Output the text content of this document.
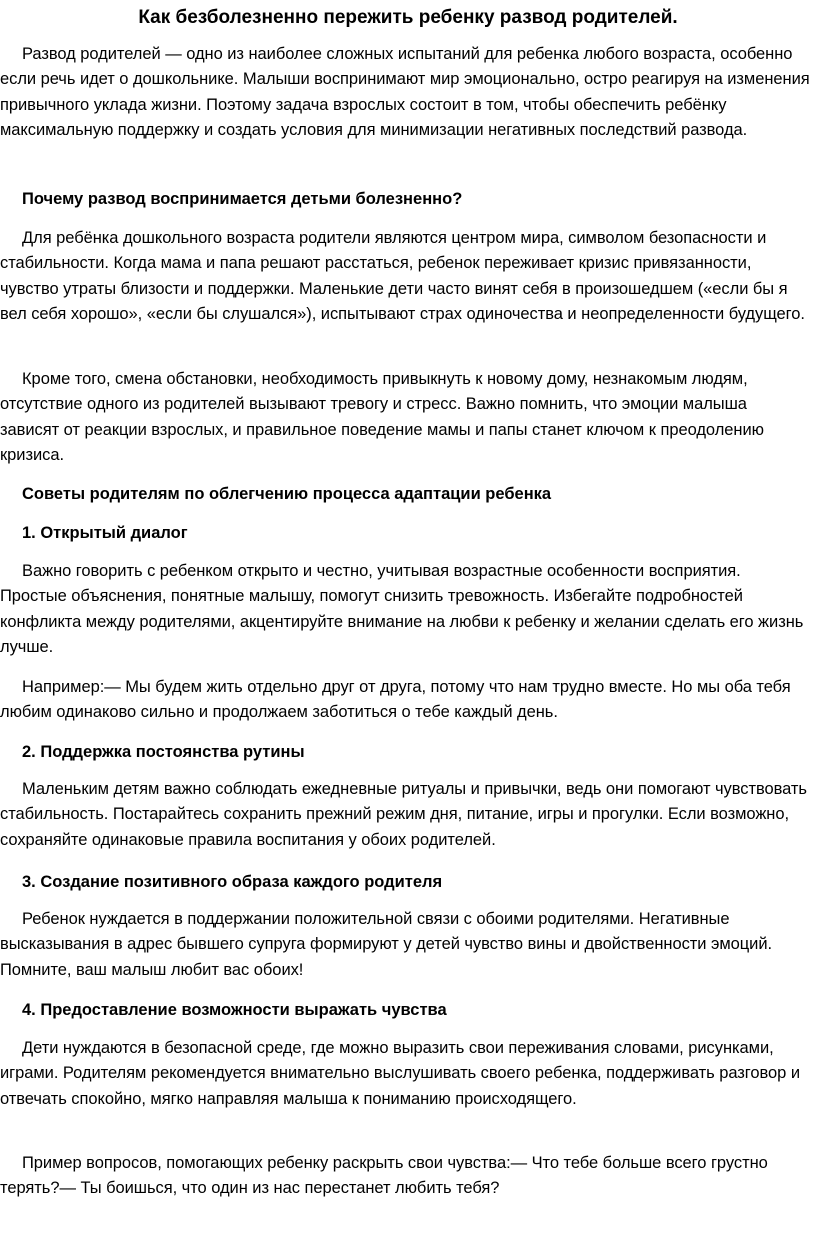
Как безболезненно пережить ребенку развод родителей.

Развод родителей — одно из наиболее сложных испытаний для ребенка любого возраста, особенно если речь идет о дошкольнике. Малыши воспринимают мир эмоционально, остро реагируя на изменения привычного уклада жизни. Поэтому задача взрослых состоит в том, чтобы обеспечить ребёнку максимальную поддержку и создать условия для минимизации негативных последствий развода.

Почему развод воспринимается детьми болезненно?

Для ребёнка дошкольного возраста родители являются центром мира, символом безопасности и стабильности. Когда мама и папа решают расстаться, ребенок переживает кризис привязанности, чувство утраты близости и поддержки. Маленькие дети часто винят себя в произошедшем («если бы я вел себя хорошо», «если бы слушался»), испытывают страх одиночества и неопределенности будущего.

Кроме того, смена обстановки, необходимость привыкнуть к новому дому, незнакомым людям, отсутствие одного из родителей вызывают тревогу и стресс. Важно помнить, что эмоции малыша зависят от реакции взрослых, и правильное поведение мамы и папы станет ключом к преодолению кризиса.

Советы родителям по облегчению процесса адаптации ребенка

1. Открытый диалог

Важно говорить с ребенком открыто и честно, учитывая возрастные особенности восприятия. Простые объяснения, понятные малышу, помогут снизить тревожность. Избегайте подробностей конфликта между родителями, акцентируйте внимание на любви к ребенку и желании сделать его жизнь лучше.

Например:— Мы будем жить отдельно друг от друга, потому что нам трудно вместе. Но мы оба тебя любим одинаково сильно и продолжаем заботиться о тебе каждый день.

2. Поддержка постоянства рутины

Маленьким детям важно соблюдать ежедневные ритуалы и привычки, ведь они помогают чувствовать стабильность. Постарайтесь сохранить прежний режим дня, питание, игры и прогулки. Если возможно, сохраняйте одинаковые правила воспитания у обоих родителей.

3. Создание позитивного образа каждого родителя

Ребенок нуждается в поддержании положительной связи с обоими родителями. Негативные высказывания в адрес бывшего супруга формируют у детей чувство вины и двойственности эмоций. Помните, ваш малыш любит вас обоих!

4. Предоставление возможности выражать чувства

Дети нуждаются в безопасной среде, где можно выразить свои переживания словами, рисунками, играми. Родителям рекомендуется внимательно выслушивать своего ребенка, поддерживать разговор и отвечать спокойно, мягко направляя малыша к пониманию происходящего.

Пример вопросов, помогающих ребенку раскрыть свои чувства:— Что тебе больше всего грустно терять?— Ты боишься, что один из нас перестанет любить тебя?
